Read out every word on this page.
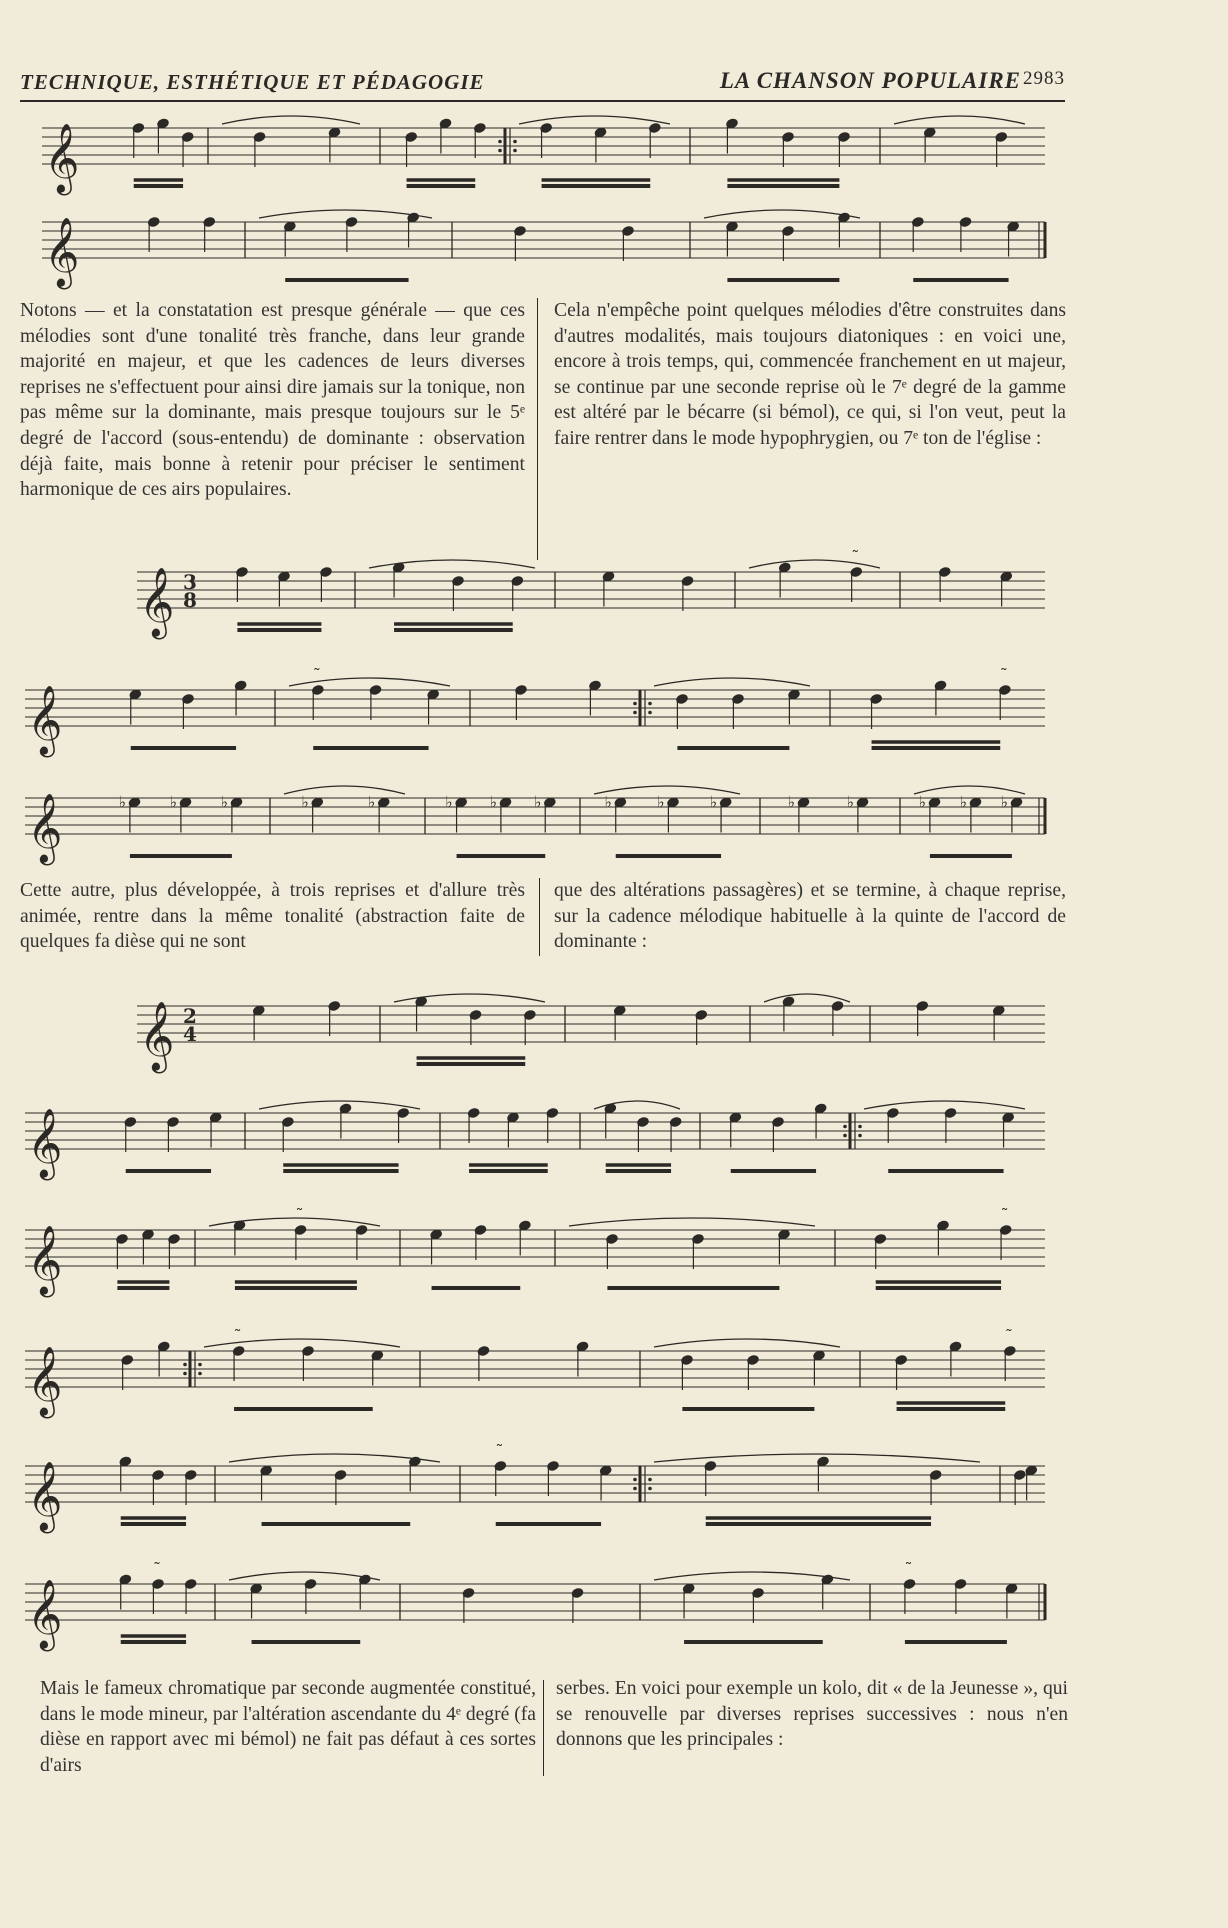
TECHNIQUE, ESTHÉTIQUE ET PÉDAGOGIE	LA CHANSON POPULAIRE 2983
𝄞
𝄞
𝄞 3
8
˜
𝄞
˜	˜
𝄞	♭	♭	♭	♭	♭	♭ ♭ ♭	♭	♭	♭	♭	♭	♭ ♭ ♭
𝄞 2
4
𝄞
𝄞
˜	˜
𝄞
˜	˜
𝄞
˜
𝄞
˜	˜

Notons — et la constatation est presque générale — que ces mélodies sont d'une tonalité très franche, dans leur grande majorité en majeur, et que les cadences de leurs diverses reprises ne s'effectuent pour ainsi dire jamais sur la tonique, non pas même sur la dominante, mais presque toujours sur le 5ᵉ degré de l'accord (sous-entendu) de dominante : observation déjà faite, mais bonne à retenir pour préciser le sentiment harmonique de ces airs populaires.

Cela n'empêche point quelques mélodies d'être construites dans d'autres modalités, mais toujours diatoniques : en voici une, encore à trois temps, qui, commencée franchement en ut majeur, se continue par une seconde reprise où le 7ᵉ degré de la gamme est altéré par le bécarre (si bémol), ce qui, si l'on veut, peut la faire rentrer dans le mode hypophrygien, ou 7ᵉ ton de l'église :

Cette autre, plus développée, à trois reprises et d'allure très animée, rentre dans la même tonalité (abstraction faite de quelques fa dièse qui ne sont

que des altérations passagères) et se termine, à chaque reprise, sur la cadence mélodique habituelle à la quinte de l'accord de dominante :

Mais le fameux chromatique par seconde augmentée constitué, dans le mode mineur, par l'altération ascendante du 4ᵉ degré (fa dièse en rapport avec mi bémol) ne fait pas défaut à ces sortes d'airs

serbes. En voici pour exemple un kolo, dit « de la Jeunesse », qui se renouvelle par diverses reprises successives : nous n'en donnons que les principales :
